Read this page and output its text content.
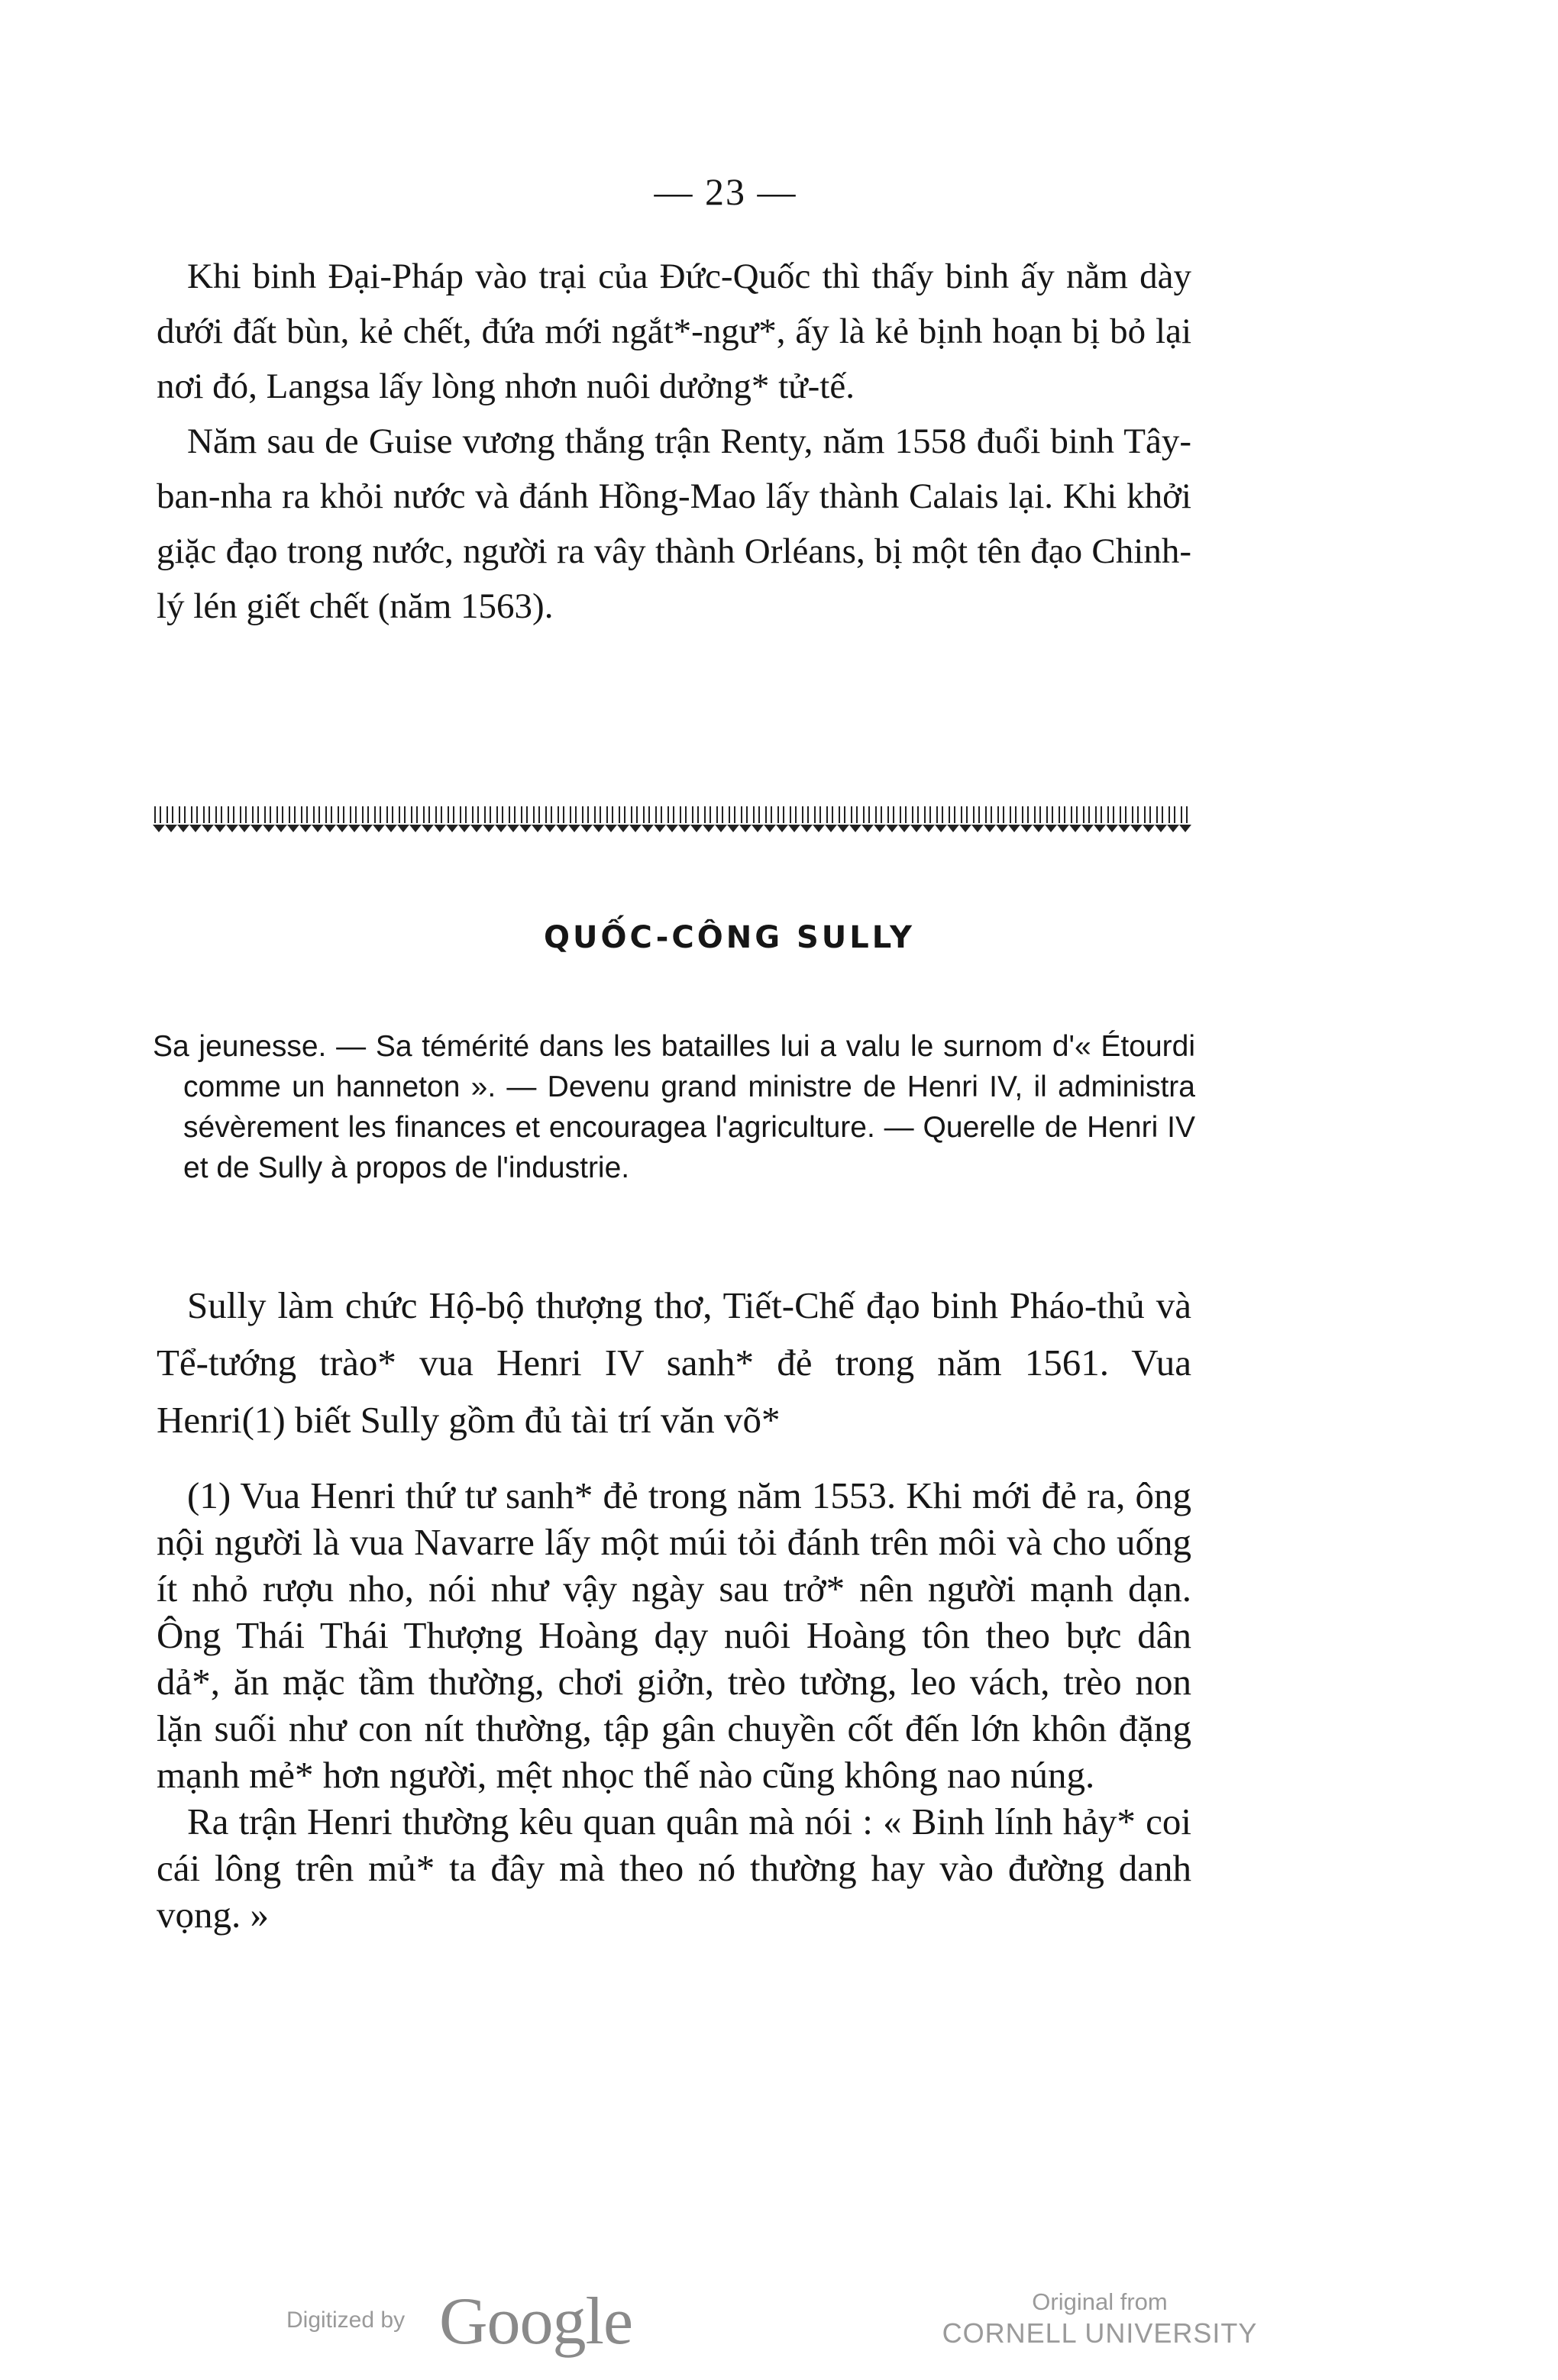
— 23 —

Khi binh Đại-Pháp vào trại của Đức-Quốc thì thấy binh ấy nằm dày dưới đất bùn, kẻ chết, đứa mới ngắt*-ngư*, ấy là kẻ bịnh hoạn bị bỏ lại nơi đó, Langsa lấy lòng nhơn nuôi dưởng* tử-tế.

Năm sau de Guise vương thắng trận Renty, năm 1558 đuổi binh Tây-ban-nha ra khỏi nước và đánh Hồng-Mao lấy thành Calais lại. Khi khởi giặc đạo trong nước, người ra vây thành Orléans, bị một tên đạo Chinh-lý lén giết chết (năm 1563).

QUỐC-CÔNG SULLY

Sa jeunesse. — Sa témérité dans les batailles lui a valu le surnom d'« Étourdi comme un hanneton ». — Devenu grand ministre de Henri IV, il administra sévèrement les finances et encouragea l'agriculture. — Querelle de Henri IV et de Sully à propos de l'industrie.

Sully làm chức Hộ-bộ thượng thơ, Tiết-Chế đạo binh Pháo-thủ và Tể-tướng trào* vua Henri IV sanh* đẻ trong năm 1561. Vua Henri(1) biết Sully gồm đủ tài trí văn võ*

(1) Vua Henri thứ tư sanh* đẻ trong năm 1553. Khi mới đẻ ra, ông nội người là vua Navarre lấy một múi tỏi đánh trên môi và cho uống ít nhỏ rượu nho, nói như vậy ngày sau trở* nên người mạnh dạn. Ông Thái Thái Thượng Hoàng dạy nuôi Hoàng tôn theo bực dân dả*, ăn mặc tầm thường, chơi giởn, trèo tường, leo vách, trèo non lặn suối như con nít thường, tập gân chuyền cốt đến lớn khôn đặng mạnh mẻ* hơn người, mệt nhọc thế nào cũng không nao núng.

Ra trận Henri thường kêu quan quân mà nói : « Binh lính hảy* coi cái lông trên mủ* ta đây mà theo nó thường hay vào đường danh vọng. »

Digitized by Google	Original from
CORNELL UNIVERSITY
